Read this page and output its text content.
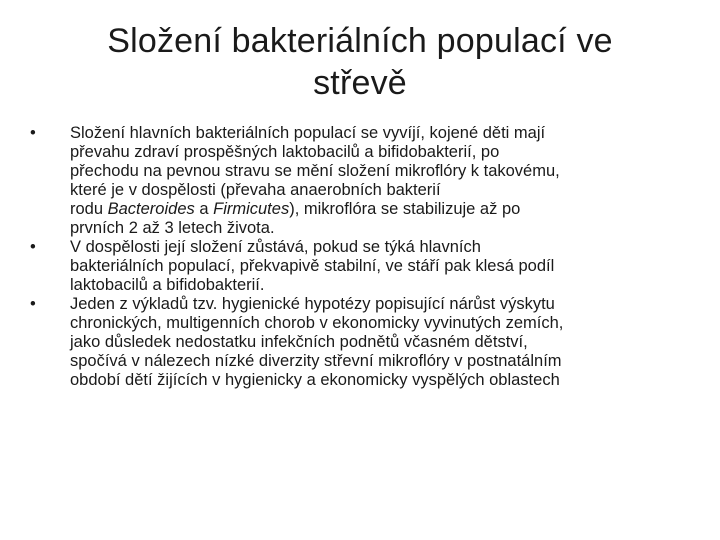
Složení bakteriálních populací ve
střevě
•	Složení hlavních bakteriálních populací se vyvíjí, kojené děti mají
převahu zdraví prospěšných laktobacilů a bifidobakterií, po
přechodu na pevnou stravu se mění složení mikroflóry k takovému,
které je v dospělosti (převaha anaerobních bakterií
rodu Bacteroides a Firmicutes), mikroflóra se stabilizuje až po
prvních 2 až 3 letech života.
•	V dospělosti její složení zůstává, pokud se týká hlavních
bakteriálních populací, překvapivě stabilní, ve stáří pak klesá podíl
laktobacilů a bifidobakterií.
•	Jeden z výkladů tzv. hygienické hypotézy popisující nárůst výskytu
chronických, multigenních chorob v ekonomicky vyvinutých zemích,
jako důsledek nedostatku infekčních podnětů včasném dětství,
spočívá v nálezech nízké diverzity střevní mikroflóry v postnatálním
období dětí žijících v hygienicky a ekonomicky vyspělých oblastech
